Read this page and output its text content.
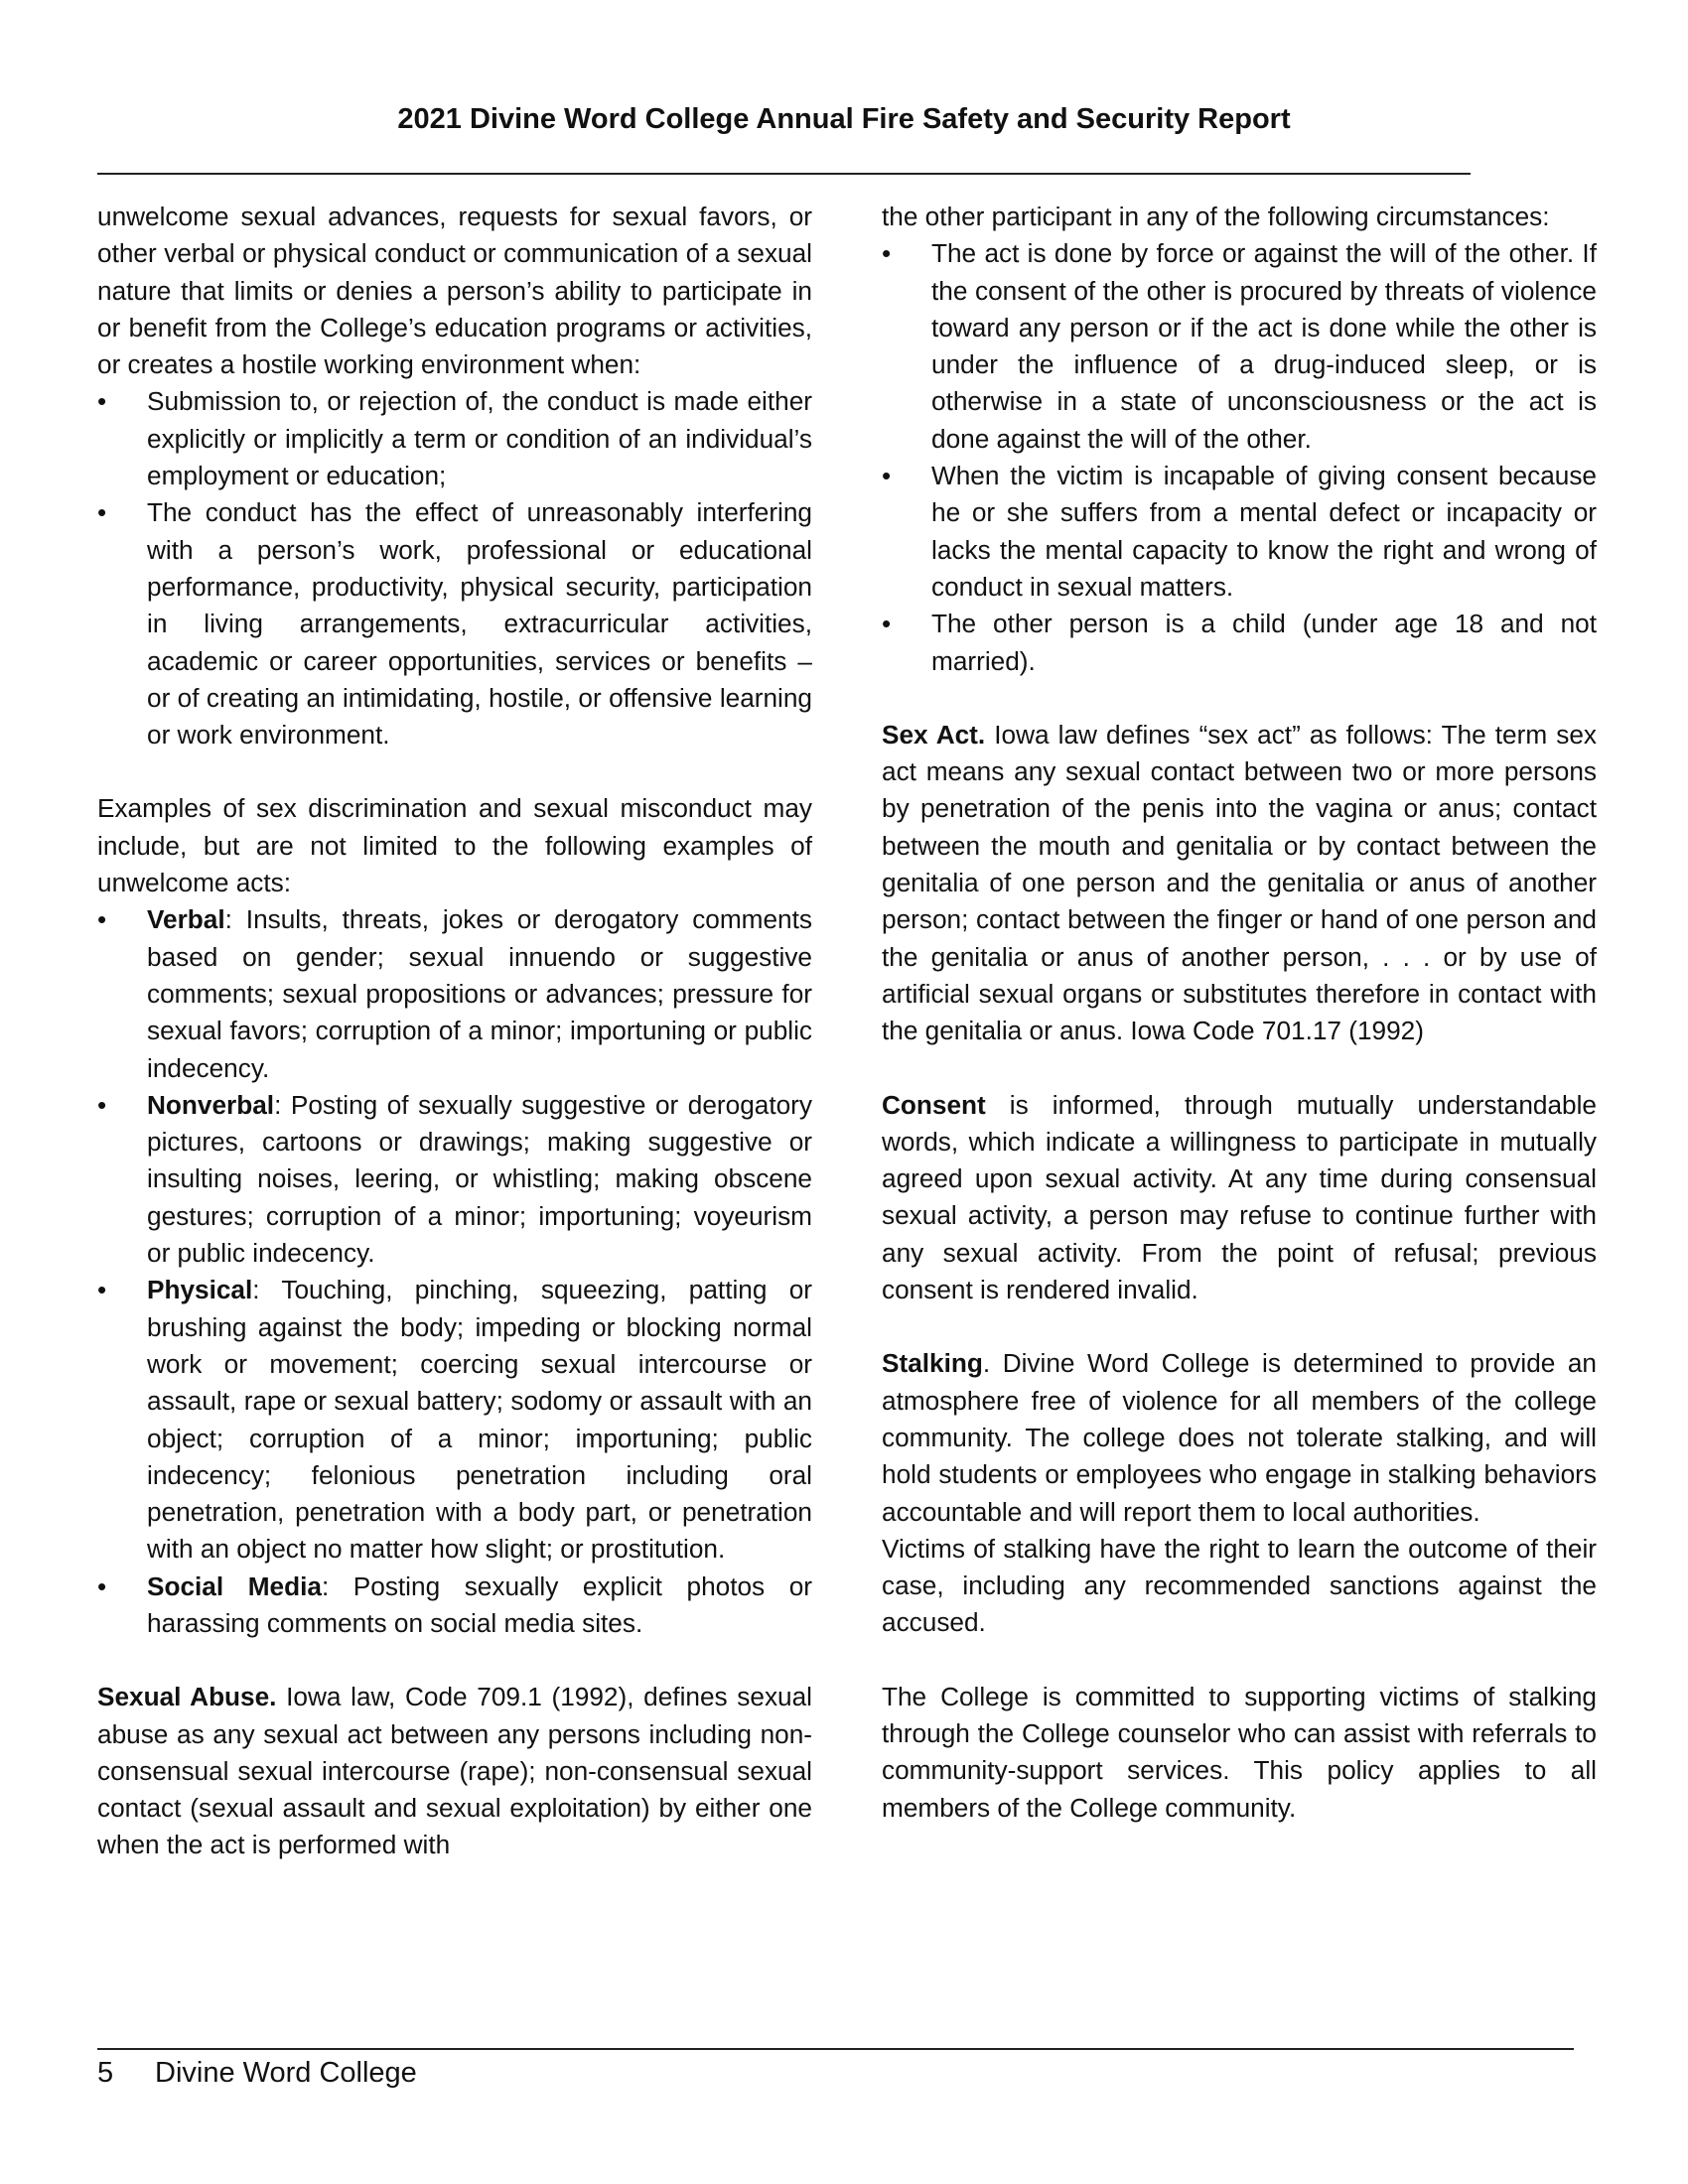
2021 Divine Word College Annual Fire Safety and Security Report

unwelcome sexual advances, requests for sexual favors, or other verbal or physical conduct or communication of a sexual nature that limits or denies a person’s ability to participate in or benefit from the College’s education programs or activities, or creates a hostile working environment when:

• Submission to, or rejection of, the conduct is made either explicitly or implicitly a term or condition of an individual’s employment or education;
• The conduct has the effect of unreasonably interfering with a person’s work, professional or educational performance, productivity, physical security, participation in living arrangements, extracurricular activities, academic or career opportunities, services or benefits – or of creating an intimidating, hostile, or offensive learning or work environment.

Examples of sex discrimination and sexual misconduct may include, but are not limited to the following examples of unwelcome acts:

• Verbal: Insults, threats, jokes or derogatory comments based on gender; sexual innuendo or suggestive comments; sexual propositions or advances; pressure for sexual favors; corruption of a minor; importuning or public indecency.
• Nonverbal: Posting of sexually suggestive or derogatory pictures, cartoons or drawings; making suggestive or insulting noises, leering, or whistling; making obscene gestures; corruption of a minor; importuning; voyeurism or public indecency.
• Physical: Touching, pinching, squeezing, patting or brushing against the body; impeding or blocking normal work or movement; coercing sexual intercourse or assault, rape or sexual battery; sodomy or assault with an object; corruption of a minor; importuning; public indecency; felonious penetration including oral penetration, penetration with a body part, or penetration with an object no matter how slight; or prostitution.
• Social Media: Posting sexually explicit photos or harassing comments on social media sites.

Sexual Abuse. Iowa law, Code 709.1 (1992), defines sexual abuse as any sexual act between any persons including non-consensual sexual intercourse (rape); non-consensual sexual contact (sexual assault and sexual exploitation) by either one when the act is performed with

the other participant in any of the following circumstances:

• The act is done by force or against the will of the other. If the consent of the other is procured by threats of violence toward any person or if the act is done while the other is under the influence of a drug-induced sleep, or is otherwise in a state of unconsciousness or the act is done against the will of the other.
• When the victim is incapable of giving consent because he or she suffers from a mental defect or incapacity or lacks the mental capacity to know the right and wrong of conduct in sexual matters.
• The other person is a child (under age 18 and not married).

Sex Act. Iowa law defines “sex act” as follows: The term sex act means any sexual contact between two or more persons by penetration of the penis into the vagina or anus; contact between the mouth and genitalia or by contact between the genitalia of one person and the genitalia or anus of another person; contact between the finger or hand of one person and the genitalia or anus of another person, . . . or by use of artificial sexual organs or substitutes therefore in contact with the genitalia or anus. Iowa Code 701.17 (1992)

Consent is informed, through mutually understandable words, which indicate a willingness to participate in mutually agreed upon sexual activity. At any time during consensual sexual activity, a person may refuse to continue further with any sexual activity. From the point of refusal; previous consent is rendered invalid.

Stalking. Divine Word College is determined to provide an atmosphere free of violence for all members of the college community. The college does not tolerate stalking, and will hold students or employees who engage in stalking behaviors accountable and will report them to local authorities.

Victims of stalking have the right to learn the outcome of their case, including any recommended sanctions against the accused.

The College is committed to supporting victims of stalking through the College counselor who can assist with referrals to community-support services. This policy applies to all members of the College community.

5 Divine Word College
